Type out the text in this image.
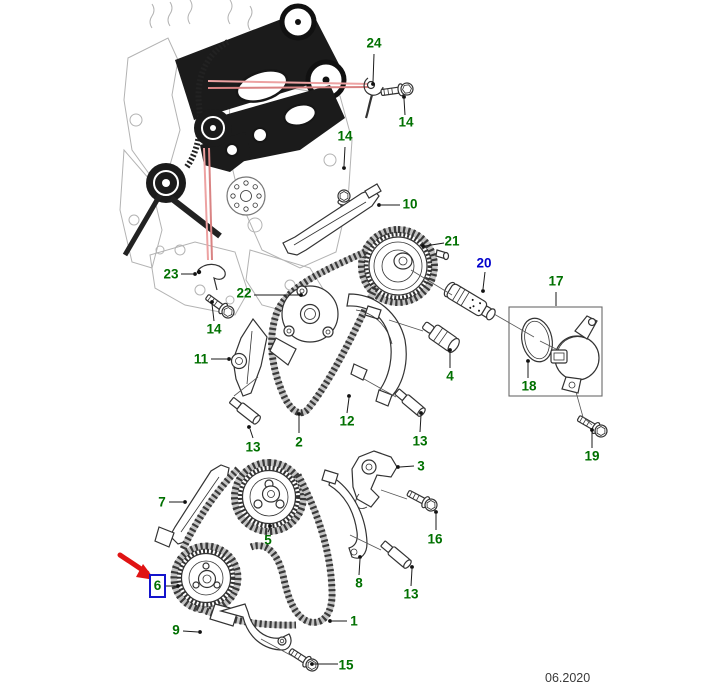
24
14
14
10
21
20
17
23
22
14
11
4
18
12
2
13	13
19
3
7
16
5
8
13
9
1
15
6
06.2020
